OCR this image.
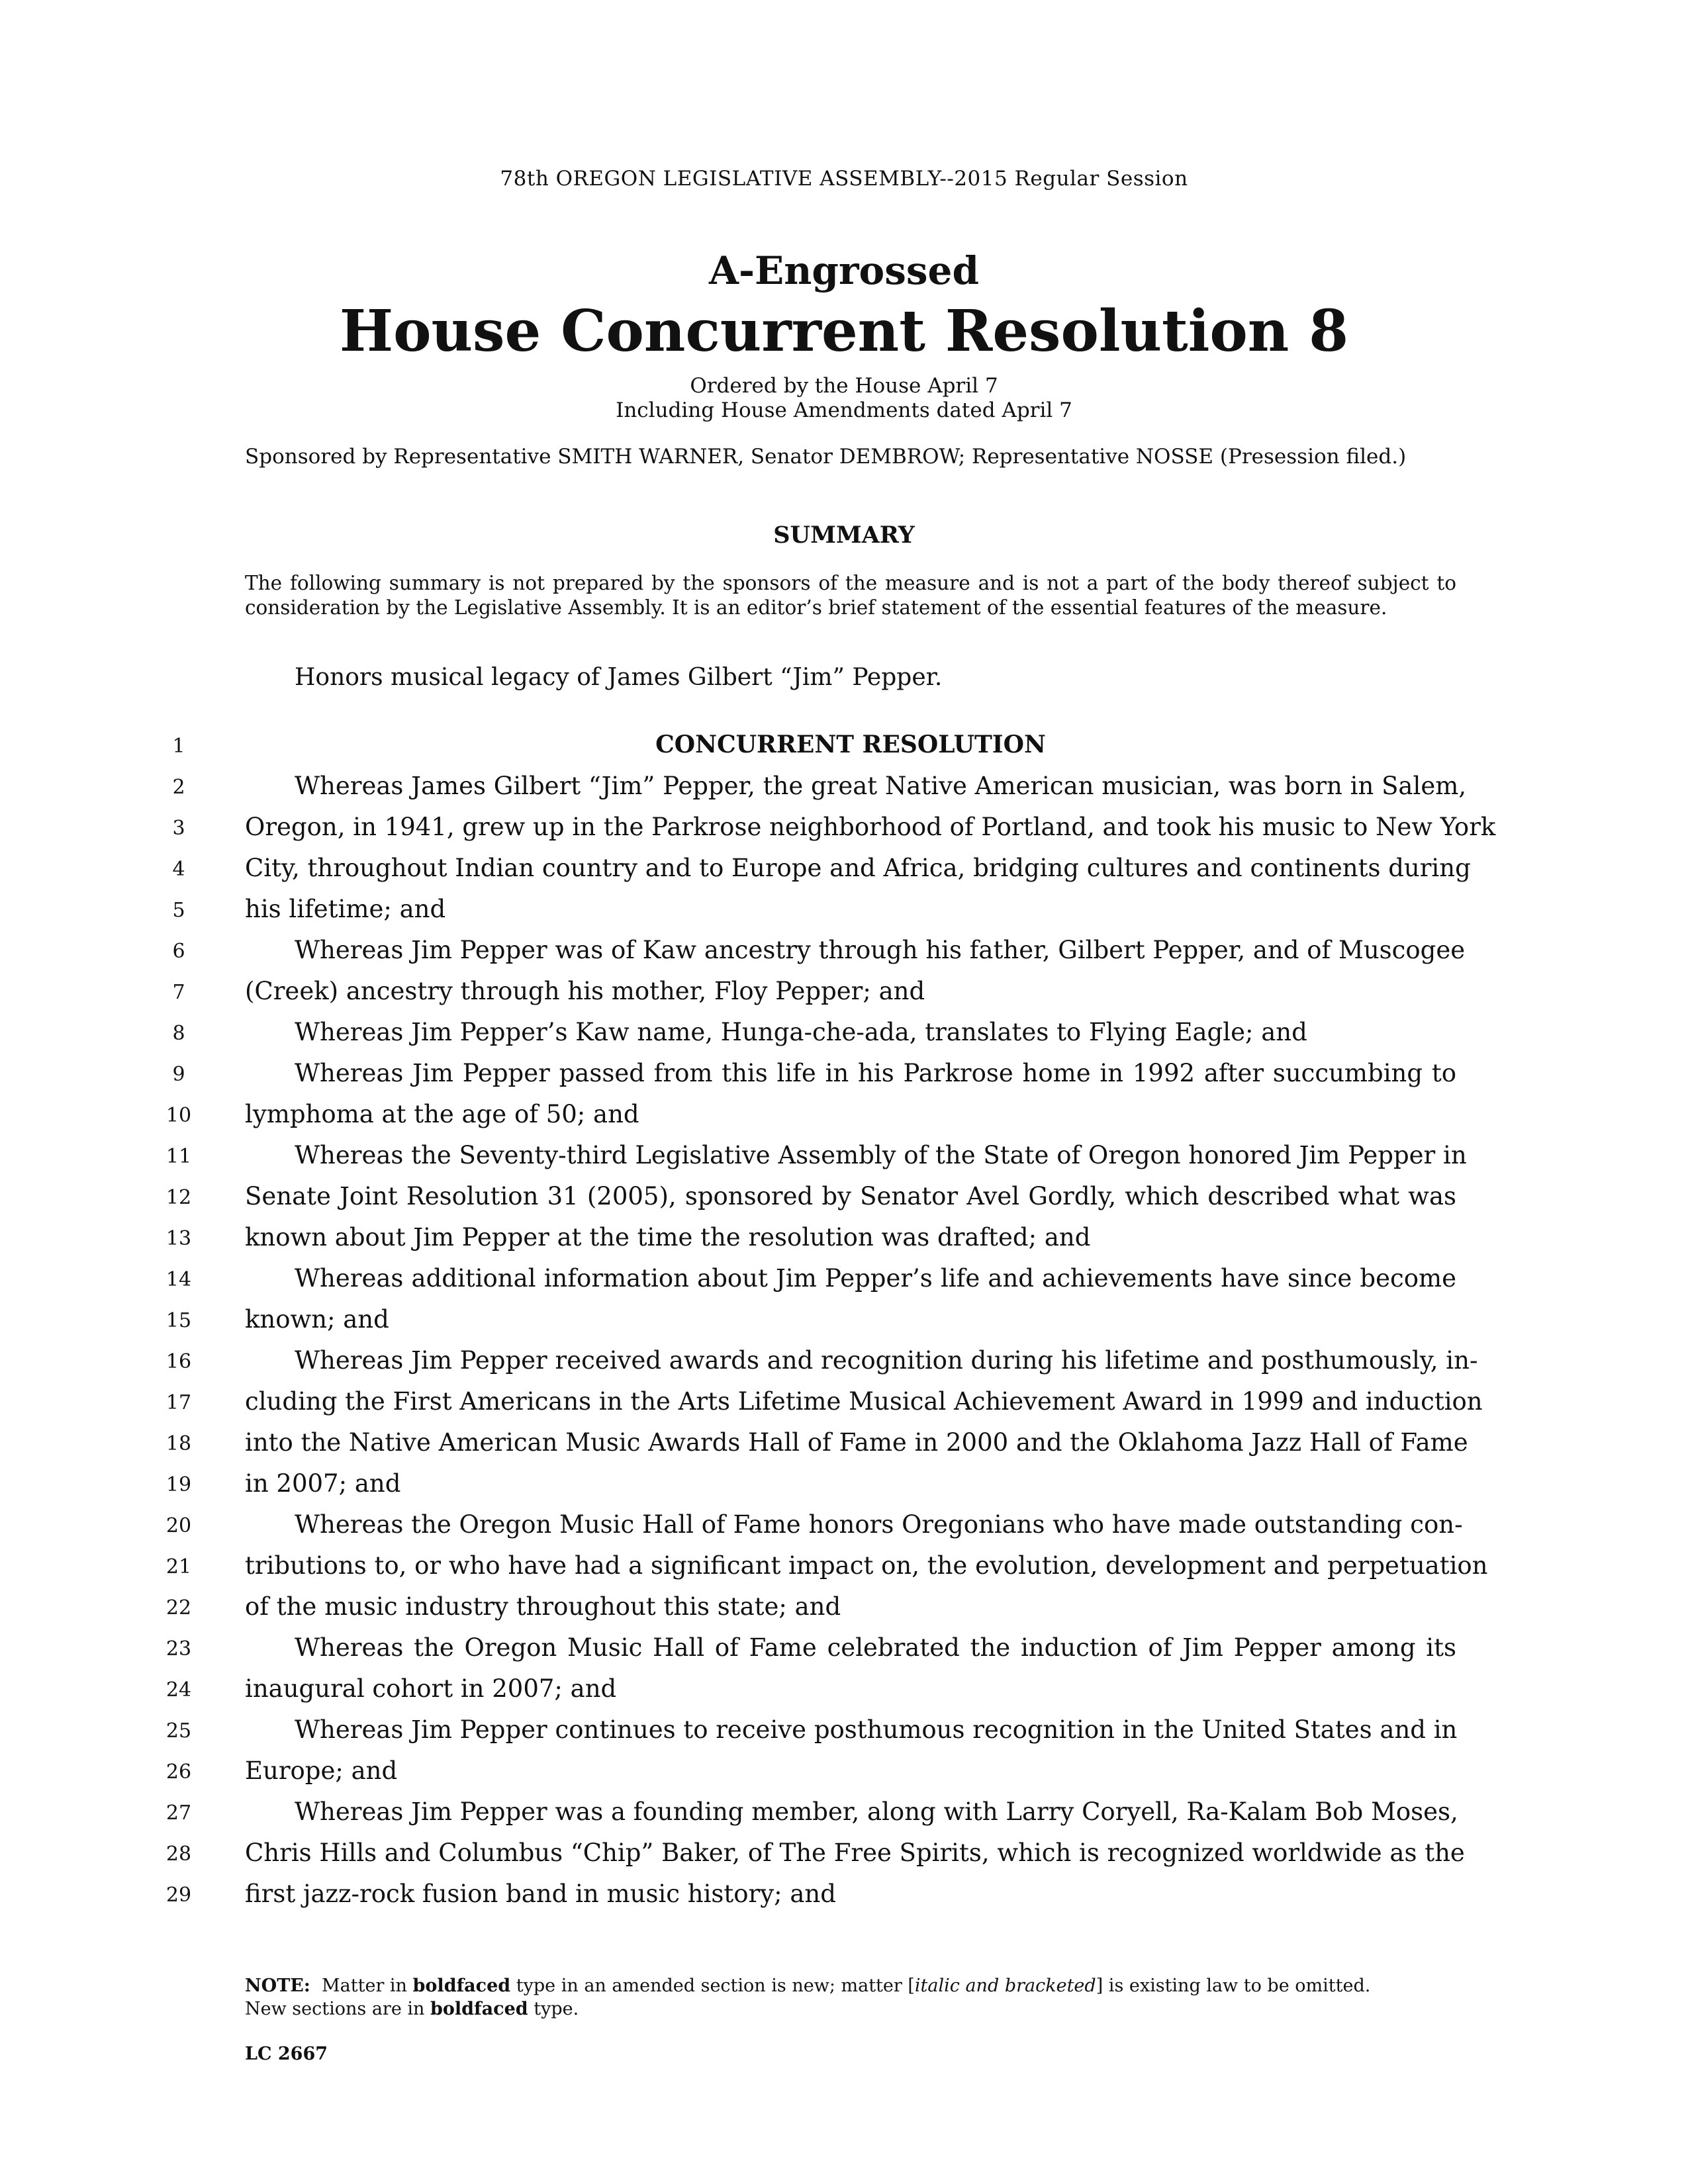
78th OREGON LEGISLATIVE ASSEMBLY--2015 Regular Session
A-Engrossed
House Concurrent Resolution 8
Ordered by the House April 7
Including House Amendments dated April 7
Sponsored by Representative SMITH WARNER, Senator DEMBROW; Representative NOSSE (Presession filed.)
SUMMARY
The following summary is not prepared by the sponsors of the measure and is not a part of the body thereof subject to consideration by the Legislative Assembly. It is an editor’s brief statement of the essential features of the measure.
Honors musical legacy of James Gilbert “Jim” Pepper.
1	CONCURRENT RESOLUTION
2	Whereas James Gilbert “Jim” Pepper, the great Native American musician, was born in Salem,
3	Oregon, in 1941, grew up in the Parkrose neighborhood of Portland, and took his music to New York
4	City, throughout Indian country and to Europe and Africa, bridging cultures and continents during
5	his lifetime; and
6	Whereas Jim Pepper was of Kaw ancestry through his father, Gilbert Pepper, and of Muscogee
7	(Creek) ancestry through his mother, Floy Pepper; and
8	Whereas Jim Pepper’s Kaw name, Hunga-che-ada, translates to Flying Eagle; and
9	Whereas Jim Pepper passed from this life in his Parkrose home in 1992 after succumbing to
10	lymphoma at the age of 50; and
11	Whereas the Seventy-third Legislative Assembly of the State of Oregon honored Jim Pepper in
12	Senate Joint Resolution 31 (2005), sponsored by Senator Avel Gordly, which described what was
13	known about Jim Pepper at the time the resolution was drafted; and
14	Whereas additional information about Jim Pepper’s life and achievements have since become
15	known; and
16	Whereas Jim Pepper received awards and recognition during his lifetime and posthumously, in-
17	cluding the First Americans in the Arts Lifetime Musical Achievement Award in 1999 and induction
18	into the Native American Music Awards Hall of Fame in 2000 and the Oklahoma Jazz Hall of Fame
19	in 2007; and
20	Whereas the Oregon Music Hall of Fame honors Oregonians who have made outstanding con-
21	tributions to, or who have had a significant impact on, the evolution, development and perpetuation
22	of the music industry throughout this state; and
23	Whereas the Oregon Music Hall of Fame celebrated the induction of Jim Pepper among its
24	inaugural cohort in 2007; and
25	Whereas Jim Pepper continues to receive posthumous recognition in the United States and in
26	Europe; and
27	Whereas Jim Pepper was a founding member, along with Larry Coryell, Ra-Kalam Bob Moses,
28	Chris Hills and Columbus “Chip” Baker, of The Free Spirits, which is recognized worldwide as the
29	first jazz-rock fusion band in music history; and
NOTE: Matter in boldfaced type in an amended section is new; matter [italic and bracketed] is existing law to be omitted.
New sections are in boldfaced type.
LC 2667
